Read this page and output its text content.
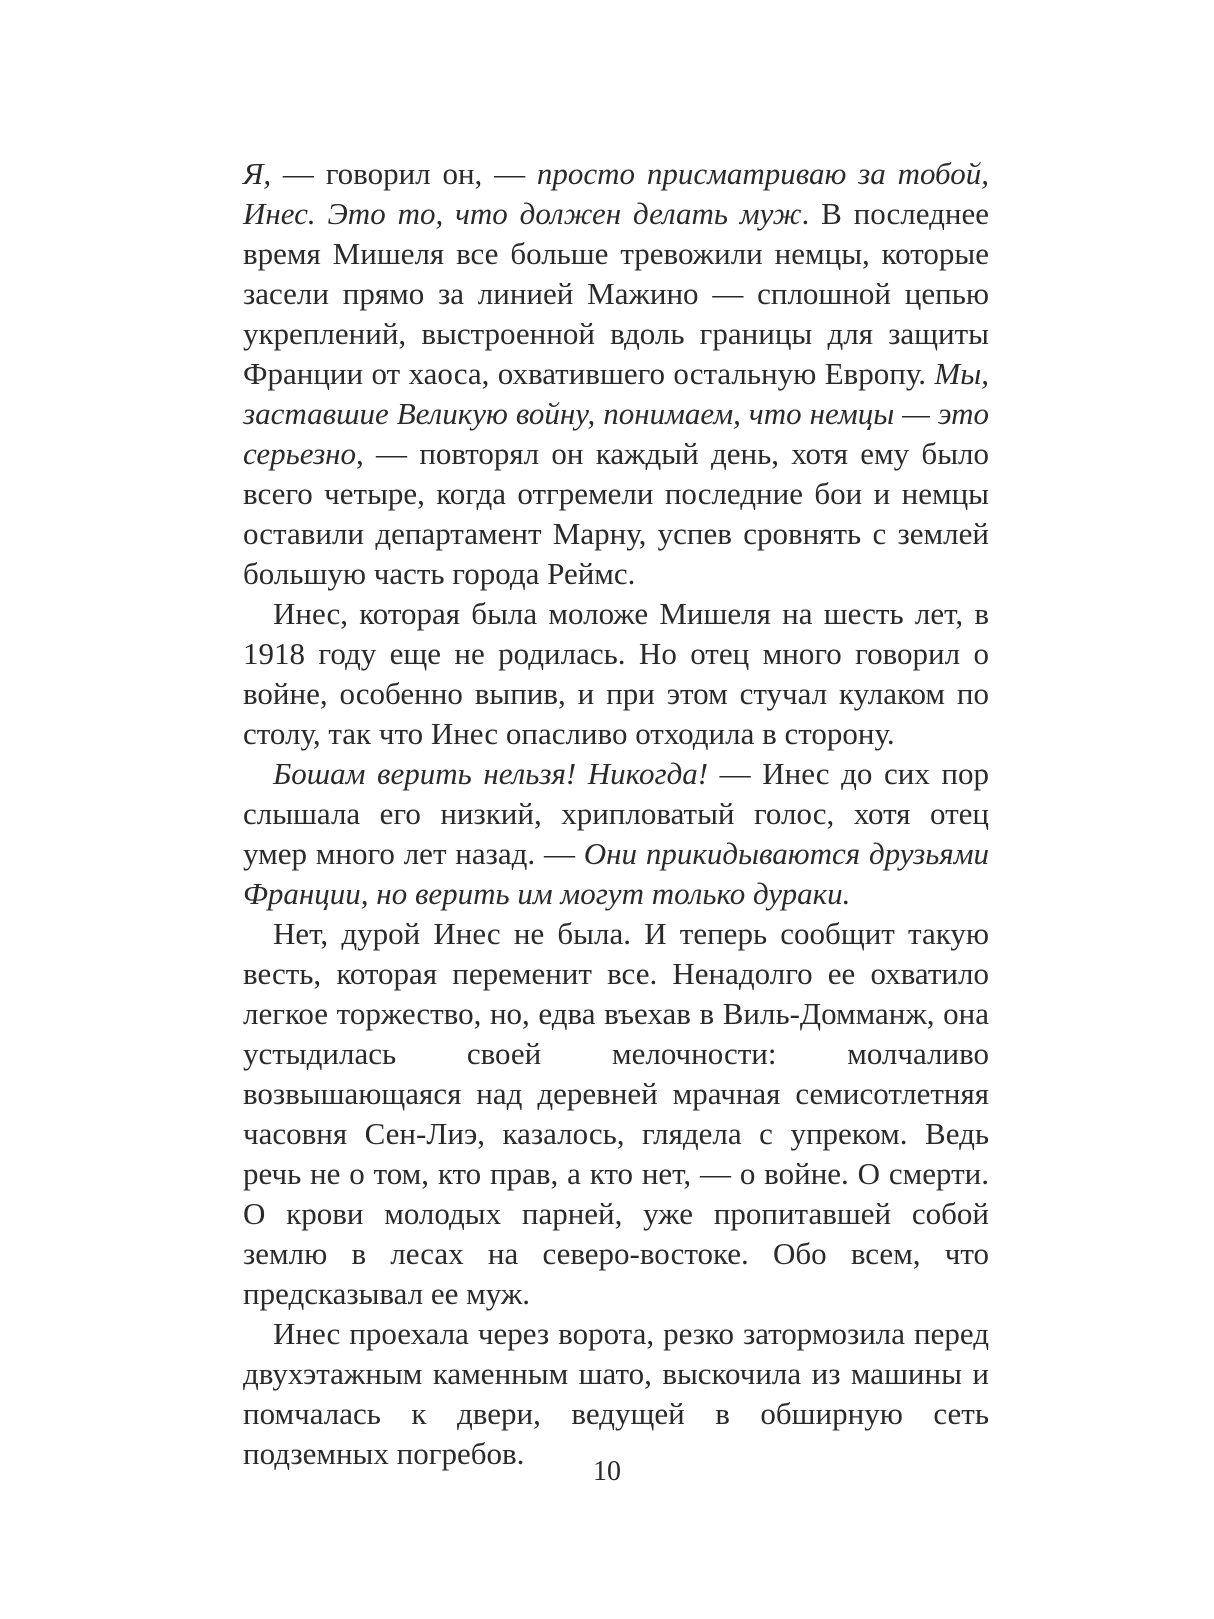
Я, — говорил он, — просто присматриваю за тобой, Инес. Это то, что должен делать муж. В последнее время Мишеля все больше тревожили немцы, которые засели прямо за линией Мажино — сплошной цепью укреплений, выстроенной вдоль границы для защиты Франции от хаоса, охватившего остальную Европу. Мы, заставшие Великую войну, понимаем, что немцы — это серьезно, — повторял он каждый день, хотя ему было всего четыре, когда отгремели последние бои и немцы оставили департамент Марну, успев сровнять с землей большую часть города Реймс.

Инес, которая была моложе Мишеля на шесть лет, в 1918 году еще не родилась. Но отец много говорил о войне, особенно выпив, и при этом стучал кулаком по столу, так что Инес опасливо отходила в сторону.

Бошам верить нельзя! Никогда! — Инес до сих пор слышала его низкий, хрипловатый голос, хотя отец умер много лет назад. — Они прикидываются друзьями Франции, но верить им могут только дураки.

Нет, дурой Инес не была. И теперь сообщит такую весть, которая переменит все. Ненадолго ее охватило легкое торжество, но, едва въехав в Виль-Домманж, она устыдилась своей мелочности: молчаливо возвышающаяся над деревней мрачная семисотлетняя часовня Сен-Лиэ, казалось, глядела с упреком. Ведь речь не о том, кто прав, а кто нет, — о войне. О смерти. О крови молодых парней, уже пропитавшей собой землю в лесах на северо-востоке. Обо всем, что предсказывал ее муж.

Инес проехала через ворота, резко затормозила перед двухэтажным каменным шато, выскочила из машины и помчалась к двери, ведущей в обширную сеть подземных погребов.

10
